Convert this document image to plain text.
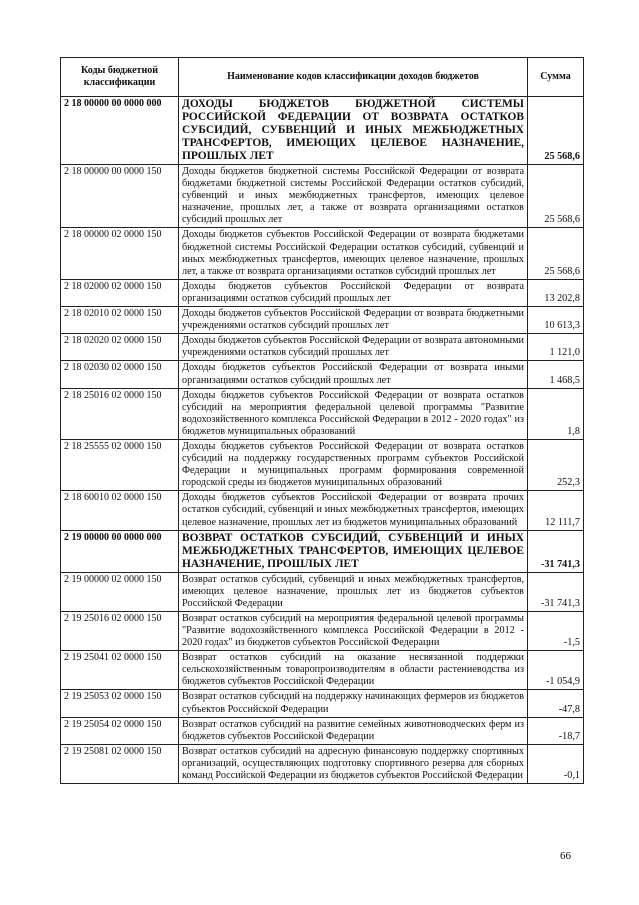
Коды бюджетной классификации	Наименование кодов классификации доходов бюджетов	Сумма
2 18 00000 00 0000 000	ДОХОДЫ БЮДЖЕТОВ БЮДЖЕТНОЙ СИСТЕМЫ РОССИЙСКОЙ ФЕДЕРАЦИИ ОТ ВОЗВРАТА ОСТАТКОВ СУБСИДИЙ, СУБВЕНЦИЙ И ИНЫХ МЕЖБЮДЖЕТНЫХ ТРАНСФЕРТОВ, ИМЕЮЩИХ ЦЕЛЕВОЕ НАЗНАЧЕНИЕ, ПРОШЛЫХ ЛЕТ	25 568,6
2 18 00000 00 0000 150	Доходы бюджетов бюджетной системы Российской Федерации от возврата бюджетами бюджетной системы Российской Федерации остатков субсидий, субвенций и иных межбюджетных трансфертов, имеющих целевое назначение, прошлых лет, а также от возврата организациями остатков субсидий прошлых лет	25 568,6
2 18 00000 02 0000 150	Доходы бюджетов субъектов Российской Федерации от возврата бюджетами бюджетной системы Российской Федерации остатков субсидий, субвенций и иных межбюджетных трансфертов, имеющих целевое назначение, прошлых лет, а также от возврата организациями остатков субсидий прошлых лет	25 568,6
2 18 02000 02 0000 150	Доходы бюджетов субъектов Российской Федерации от возврата организациями остатков субсидий прошлых лет	13 202,8
2 18 02010 02 0000 150	Доходы бюджетов субъектов Российской Федерации от возврата бюджетными учреждениями остатков субсидий прошлых лет	10 613,3
2 18 02020 02 0000 150	Доходы бюджетов субъектов Российской Федерации от возврата автономными учреждениями остатков субсидий прошлых лет	1 121,0
2 18 02030 02 0000 150	Доходы бюджетов субъектов Российской Федерации от возврата иными организациями остатков субсидий прошлых лет	1 468,5
2 18 25016 02 0000 150	Доходы бюджетов субъектов Российской Федерации от возврата остатков субсидий на мероприятия федеральной целевой программы "Развитие водохозяйственного комплекса Российской Федерации в 2012 - 2020 годах" из бюджетов муниципальных образований	1,8
2 18 25555 02 0000 150	Доходы бюджетов субъектов Российской Федерации от возврата остатков субсидий на поддержку государственных программ субъектов Российской Федерации и муниципальных программ формирования современной городской среды из бюджетов муниципальных образований	252,3
2 18 60010 02 0000 150	Доходы бюджетов субъектов Российской Федерации от возврата прочих остатков субсидий, субвенций и иных межбюджетных трансфертов, имеющих целевое назначение, прошлых лет из бюджетов муниципальных образований	12 111,7
2 19 00000 00 0000 000	ВОЗВРАТ ОСТАТКОВ СУБСИДИЙ, СУБВЕНЦИЙ И ИНЫХ МЕЖБЮДЖЕТНЫХ ТРАНСФЕРТОВ, ИМЕЮЩИХ ЦЕЛЕВОЕ НАЗНАЧЕНИЕ, ПРОШЛЫХ ЛЕТ	-31 741,3
2 19 00000 02 0000 150	Возврат остатков субсидий, субвенций и иных межбюджетных трансфертов, имеющих целевое назначение, прошлых лет из бюджетов субъектов Российской Федерации	-31 741,3
2 19 25016 02 0000 150	Возврат остатков субсидий на мероприятия федеральной целевой программы "Развитие водохозяйственного комплекса Российской Федерации в 2012 - 2020 годах" из бюджетов субъектов Российской Федерации	-1,5
2 19 25041 02 0000 150	Возврат остатков субсидий на оказание несвязанной поддержки сельскохозяйственным товаропроизводителям в области растениеводства из бюджетов субъектов Российской Федерации	-1 054,9
2 19 25053 02 0000 150	Возврат остатков субсидий на поддержку начинающих фермеров из бюджетов субъектов Российской Федерации	-47,8
2 19 25054 02 0000 150	Возврат остатков субсидий на развитие семейных животноводческих ферм из бюджетов субъектов Российской Федерации	-18,7
2 19 25081 02 0000 150	Возврат остатков субсидий на адресную финансовую поддержку спортивных организаций, осуществляющих подготовку спортивного резерва для сборных команд Российской Федерации из бюджетов субъектов Российской Федерации	-0,1
66
